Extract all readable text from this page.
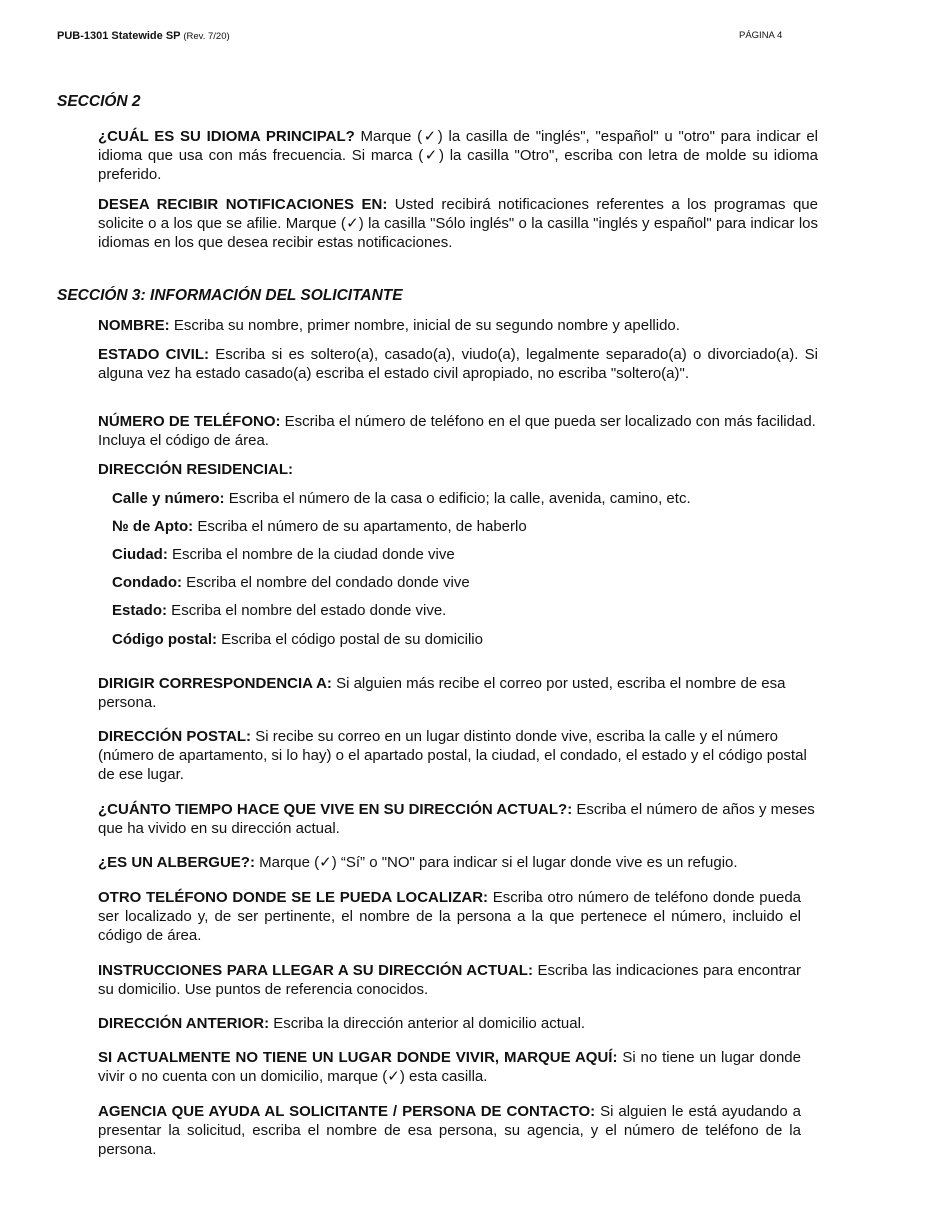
PUB-1301 Statewide SP (Rev. 7/20)	PÁGINA 4
SECCIÓN 2

¿CUÁL ES SU IDIOMA PRINCIPAL? Marque (✓) la casilla de "inglés", "español" u "otro" para indicar el idioma que usa con más frecuencia. Si marca (✓) la casilla "Otro", escriba con letra de molde su idioma preferido.

DESEA RECIBIR NOTIFICACIONES EN: Usted recibirá notificaciones referentes a los programas que solicite o a los que se afilie. Marque (✓) la casilla "Sólo inglés" o la casilla "inglés y español" para indicar los idiomas en los que desea recibir estas notificaciones.

SECCIÓN 3: INFORMACIÓN DEL SOLICITANTE

NOMBRE: Escriba su nombre, primer nombre, inicial de su segundo nombre y apellido.

ESTADO CIVIL: Escriba si es soltero(a), casado(a), viudo(a), legalmente separado(a) o divorciado(a). Si alguna vez ha estado casado(a) escriba el estado civil apropiado, no escriba "soltero(a)".

NÚMERO DE TELÉFONO: Escriba el número de teléfono en el que pueda ser localizado con más facilidad. Incluya el código de área.

DIRECCIÓN RESIDENCIAL:

Calle y número: Escriba el número de la casa o edificio; la calle, avenida, camino, etc.

№ de Apto: Escriba el número de su apartamento, de haberlo

Ciudad: Escriba el nombre de la ciudad donde vive

Condado: Escriba el nombre del condado donde vive

Estado: Escriba el nombre del estado donde vive.

Código postal: Escriba el código postal de su domicilio

DIRIGIR CORRESPONDENCIA A: Si alguien más recibe el correo por usted, escriba el nombre de esa persona.

DIRECCIÓN POSTAL: Si recibe su correo en un lugar distinto donde vive, escriba la calle y el número (número de apartamento, si lo hay) o el apartado postal, la ciudad, el condado, el estado y el código postal de ese lugar.

¿CUÁNTO TIEMPO HACE QUE VIVE EN SU DIRECCIÓN ACTUAL?: Escriba el número de años y meses que ha vivido en su dirección actual.

¿ES UN ALBERGUE?: Marque (✓) “Sí” o "NO" para indicar si el lugar donde vive es un refugio.

OTRO TELÉFONO DONDE SE LE PUEDA LOCALIZAR: Escriba otro número de teléfono donde pueda ser localizado y, de ser pertinente, el nombre de la persona a la que pertenece el número, incluido el código de área.

INSTRUCCIONES PARA LLEGAR A SU DIRECCIÓN ACTUAL: Escriba las indicaciones para encontrar su domicilio. Use puntos de referencia conocidos.

DIRECCIÓN ANTERIOR: Escriba la dirección anterior al domicilio actual.

SI ACTUALMENTE NO TIENE UN LUGAR DONDE VIVIR, MARQUE AQUÍ: Si no tiene un lugar donde vivir o no cuenta con un domicilio, marque (✓) esta casilla.

AGENCIA QUE AYUDA AL SOLICITANTE / PERSONA DE CONTACTO: Si alguien le está ayudando a presentar la solicitud, escriba el nombre de esa persona, su agencia, y el número de teléfono de la persona.
